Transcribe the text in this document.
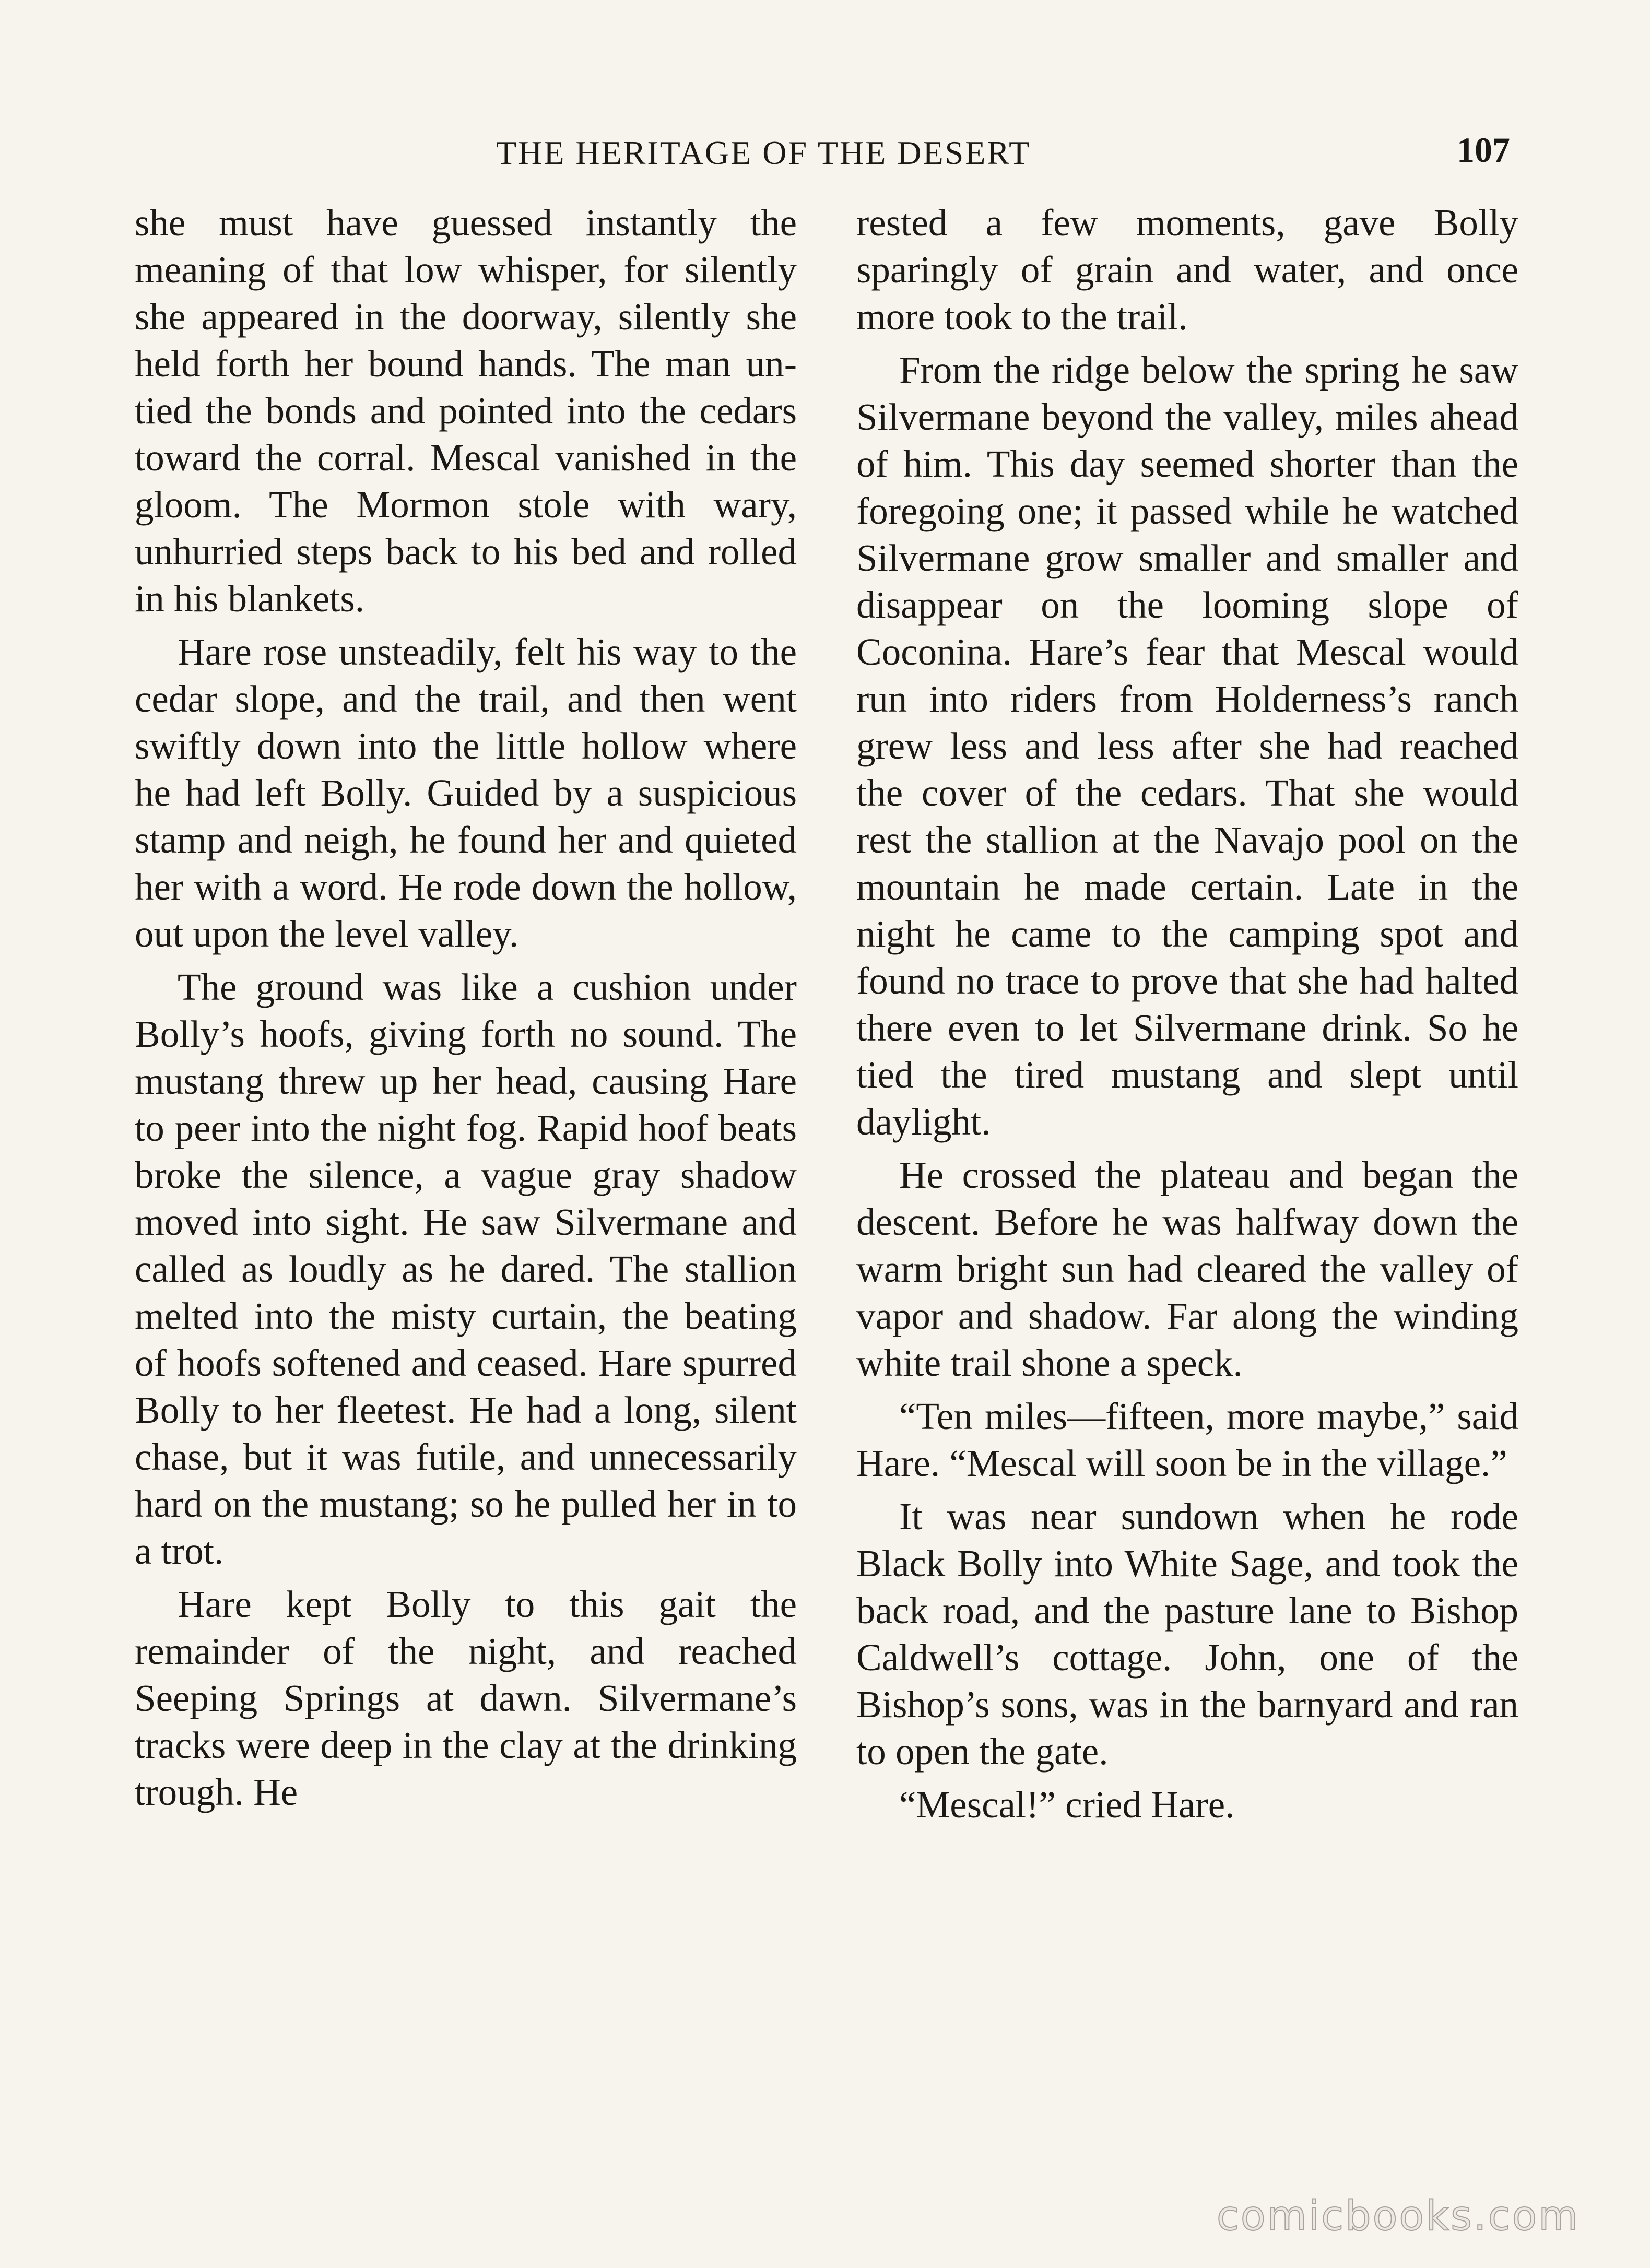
THE HERITAGE OF THE DESERT	107

she must have guessed instantly the meaning of that low whisper, for silently she appeared in the doorway, silently she held forth her bound hands. The man untied the bonds and pointed into the cedars toward the corral. Mescal vanished in the gloom. The Mormon stole with wary, unhurried steps back to his bed and rolled in his blankets.

Hare rose unsteadily, felt his way to the cedar slope, and the trail, and then went swiftly down into the little hollow where he had left Bolly. Guided by a suspicious stamp and neigh, he found her and quieted her with a word. He rode down the hollow, out upon the level valley.

The ground was like a cushion under Bolly’s hoofs, giving forth no sound. The mustang threw up her head, causing Hare to peer into the night fog. Rapid hoof beats broke the silence, a vague gray shadow moved into sight. He saw Silvermane and called as loudly as he dared. The stallion melted into the misty curtain, the beating of hoofs softened and ceased. Hare spurred Bolly to her fleetest. He had a long, silent chase, but it was futile, and unnecessarily hard on the mustang; so he pulled her in to a trot.

Hare kept Bolly to this gait the remainder of the night, and reached Seeping Springs at dawn. Silvermane’s tracks were deep in the clay at the drinking trough. He

rested a few moments, gave Bolly sparingly of grain and water, and once more took to the trail.

From the ridge below the spring he saw Silvermane beyond the valley, miles ahead of him. This day seemed shorter than the foregoing one; it passed while he watched Silvermane grow smaller and smaller and disappear on the looming slope of Coconina. Hare’s fear that Mescal would run into riders from Holderness’s ranch grew less and less after she had reached the cover of the cedars. That she would rest the stallion at the Navajo pool on the mountain he made certain. Late in the night he came to the camping spot and found no trace to prove that she had halted there even to let Silvermane drink. So he tied the tired mustang and slept until daylight.

He crossed the plateau and began the descent. Before he was halfway down the warm bright sun had cleared the valley of vapor and shadow. Far along the winding white trail shone a speck.

“Ten miles—fifteen, more maybe,” said Hare. “Mescal will soon be in the village.”

It was near sundown when he rode Black Bolly into White Sage, and took the back road, and the pasture lane to Bishop Caldwell’s cottage. John, one of the Bishop’s sons, was in the barnyard and ran to open the gate.

“Mescal!” cried Hare.

comicbooks.com
